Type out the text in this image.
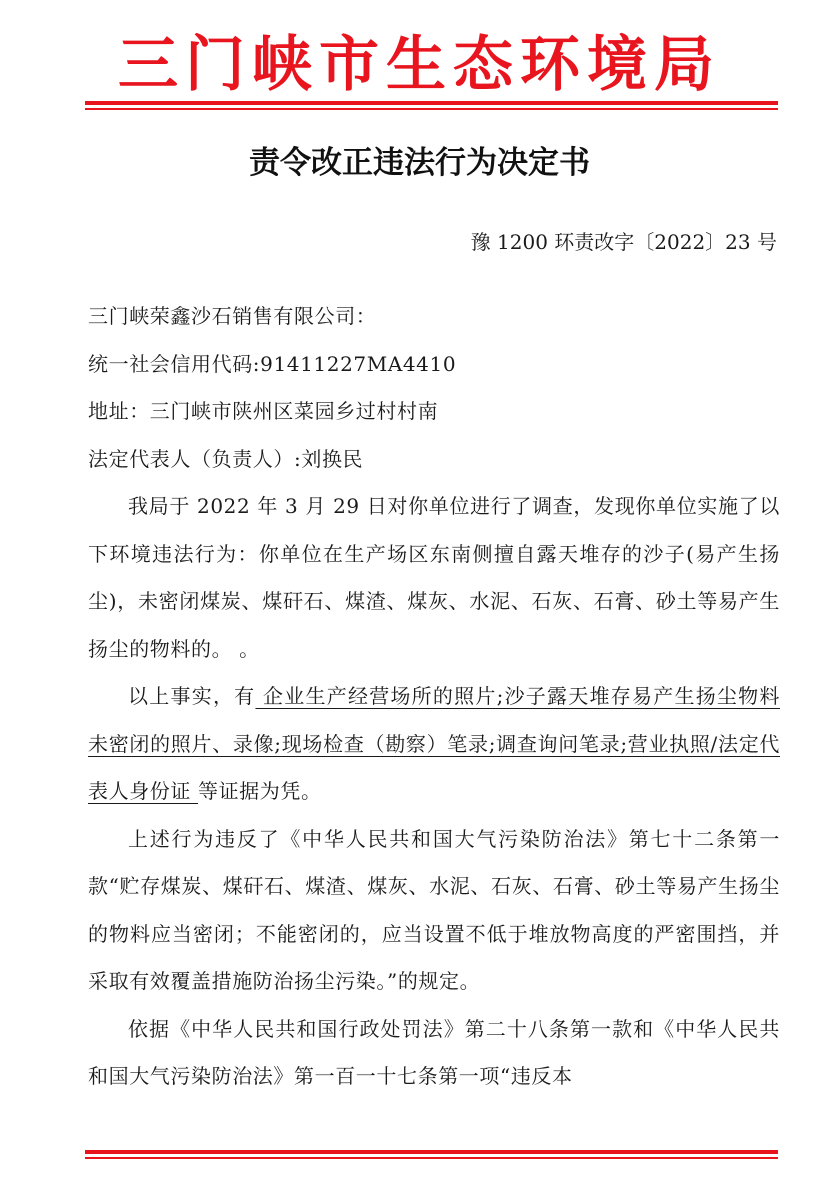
三门峡市生态环境局
责令改正违法行为决定书
豫 1200 环责改字〔2022〕23 号

三门峡荣鑫沙石销售有限公司：

统一社会信用代码:91411227MA4410

地址：三门峡市陕州区菜园乡过村村南

法定代表人（负责人）:刘换民

我局于 2022 年 3 月 29 日对你单位进行了调查，发现你单位实施了以下环境违法行为：你单位在生产场区东南侧擅自露天堆存的沙子(易产生扬尘)，未密闭煤炭、煤矸石、煤渣、煤灰、水泥、石灰、石膏、砂土等易产生扬尘的物料的。 。

以上事实，有 企业生产经营场所的照片;沙子露天堆存易产生扬尘物料未密闭的照片、录像;现场检查（勘察）笔录;调查询问笔录;营业执照/法定代表人身份证 等证据为凭。

上述行为违反了《中华人民共和国大气污染防治法》第七十二条第一款“贮存煤炭、煤矸石、煤渣、煤灰、水泥、石灰、石膏、砂土等易产生扬尘的物料应当密闭；不能密闭的，应当设置不低于堆放物高度的严密围挡，并采取有效覆盖措施防治扬尘污染。”的规定。

依据《中华人民共和国行政处罚法》第二十八条第一款和《中华人民共和国大气污染防治法》第一百一十七条第一项“违反本
